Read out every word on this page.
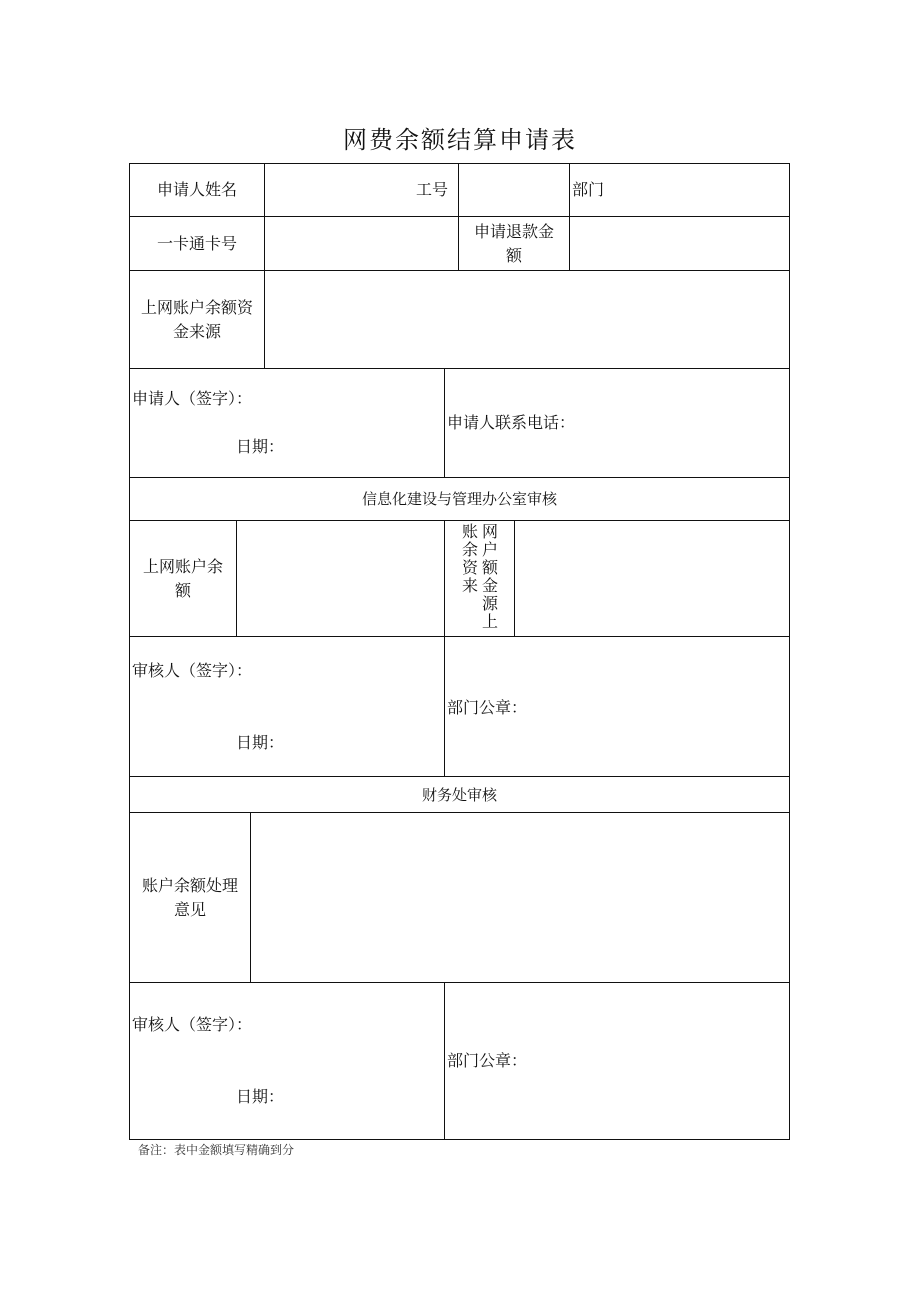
网费余额结算申请表
申请人姓名	工号	部门
一卡通卡号
申请退款金
额
上网账户余额资
金来源
申请人（签字）：
日期：
申请人联系电话：
信息化建设与管理办公室审核
上网账户余
额
账
余
资
来
网
户
额
金
源
上
审核人（签字）：
日期：
部门公章：
财务处审核
账户余额处理
意见
审核人（签字）：
日期：
部门公章：
备注：表中金额填写精确到分
